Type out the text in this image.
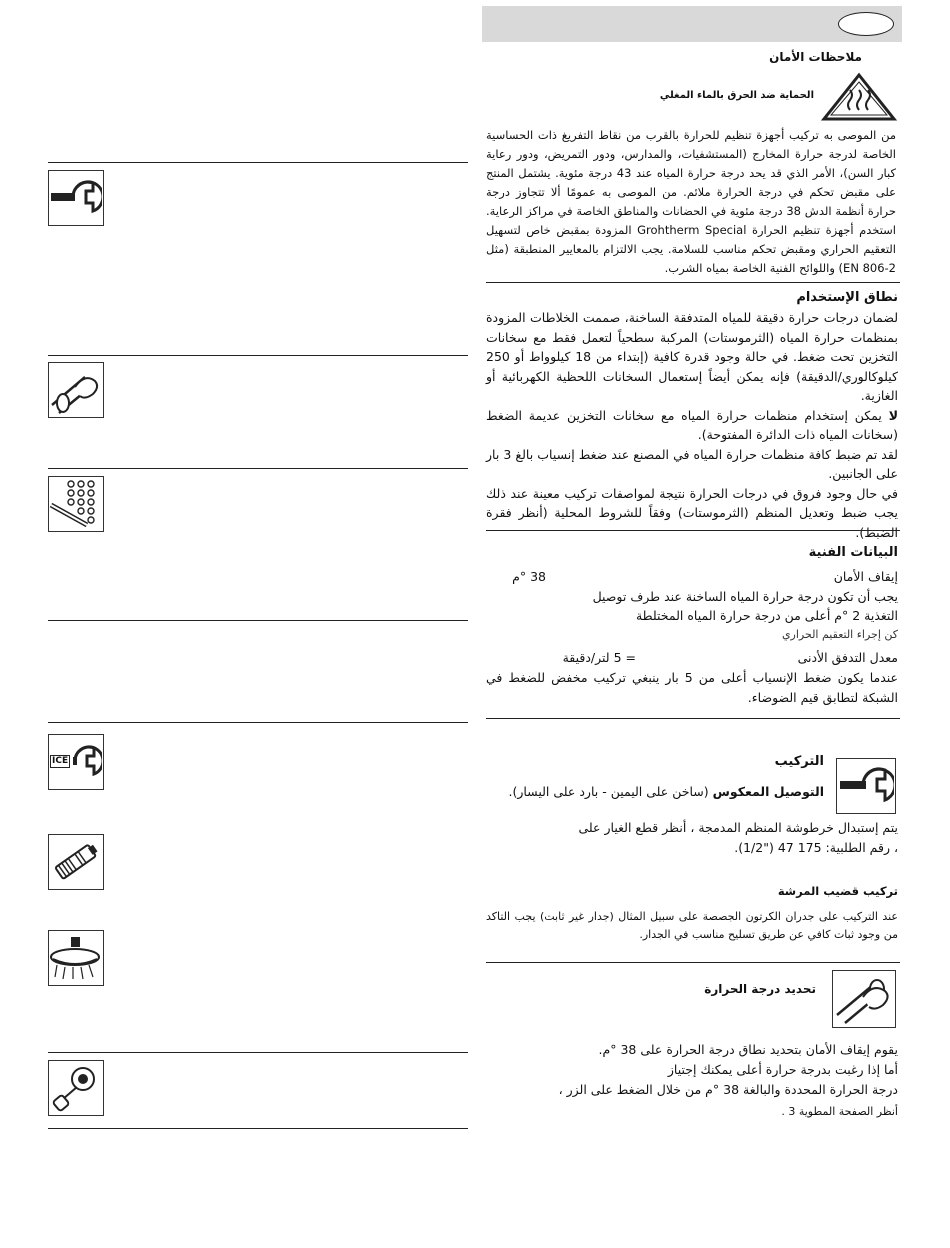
ملاحظات الأمان
الحماية ضد الحرق بالماء المغلي
من الموصى به تركيب أجهزة تنظيم للحرارة بالقرب من نقاط التفريغ ذات الحساسية الخاصة لدرجة حرارة المخارج (المستشفيات، والمدارس، ودور التمريض، ودور رعاية كبار السن)، الأمر الذي قد يحد درجة حرارة المياه عند 43 درجة مئوية. يشتمل المنتج على مقبض تحكم في درجة الحرارة ملائم. من الموصى به عمومًا ألا تتجاوز درجة حرارة أنظمة الدش 38 درجة مئوية في الحضانات والمناطق الخاصة في مراكز الرعاية. استخدم أجهزة تنظيم الحرارة Grohtherm Special المزودة بمقبض خاص لتسهيل التعقيم الحراري ومقبض تحكم مناسب للسلامة. يجب الالتزام بالمعايير المنطبقة (مثل EN 806-2) واللوائح الفنية الخاصة بمياه الشرب.
نطاق الإستخدام

لضمان درجات حرارة دقيقة للمياه المتدفقة الساخنة، صممت الخلاطات المزودة بمنظمات حرارة المياه (الثرموستات) المركبة سطحياً لتعمل فقط مع سخانات التخزين تحت ضغط. في حالة وجود قدرة كافية (إبتداء من 18 كيلوواط أو 250 كيلوكالوري/الدقيقة) فإنه يمكن أيضاً إستعمال السخانات اللحظية الكهربائية أو الغازية.

لا يمكن إستخدام منظمات حرارة المياه مع سخانات التخزين عديمة الضغط (سخانات المياه ذات الدائرة المفتوحة).

لقد تم ضبط كافة منظمات حرارة المياه في المصنع عند ضغط إنسياب بالغ 3 بار على الجانبين.

في حال وجود فروق في درجات الحرارة نتيجة لمواصفات تركيب معينة عند ذلك يجب ضبط وتعديل المنظم (الثرموستات) وفقاً للشروط المحلية (أنظر فقرة الضبط).

البيانات الفنية
إيقاف الأمان
38 °م
يجب أن تكون درجة حرارة المياه الساخنة عند طرف توصيل
التغذية 2 °م أعلى من درجة حرارة المياه المختلطة
كن إجراء التعقيم الحراري
معدل التدفق الأدنى
= 5 لتر/دقيقة
عندما يكون ضغط الإنسياب أعلى من 5 بار ينبغي تركيب مخفض للضغط في الشبكة لتطابق قيم الضوضاء.
التركيب
التوصيل المعكوس (ساخن على اليمين - بارد على اليسار).
يتم إستبدال خرطوشة المنظم المدمجة ، أنظر قطع الغيار على
، رقم الطلبية: 175 47 ("1/2).
تركيب قضيب المرشة
عند التركيب على جدران الكرتون الجصصة على سبيل المثال (جدار غير ثابت) يجب التاكد من وجود ثبات كافي عن طريق تسليح مناسب في الجدار.
تحديد درجة الحرارة
يقوم إيقاف الأمان بتحديد نطاق درجة الحرارة على 38 °م.
أما إذا رغبت بدرجة حرارة أعلى يمكنك إجتياز
درجة الحرارة المحددة والبالغة 38 °م من خلال الضغط على الزر ،
أنظر الصفحة المطوية 3 .
ICE
